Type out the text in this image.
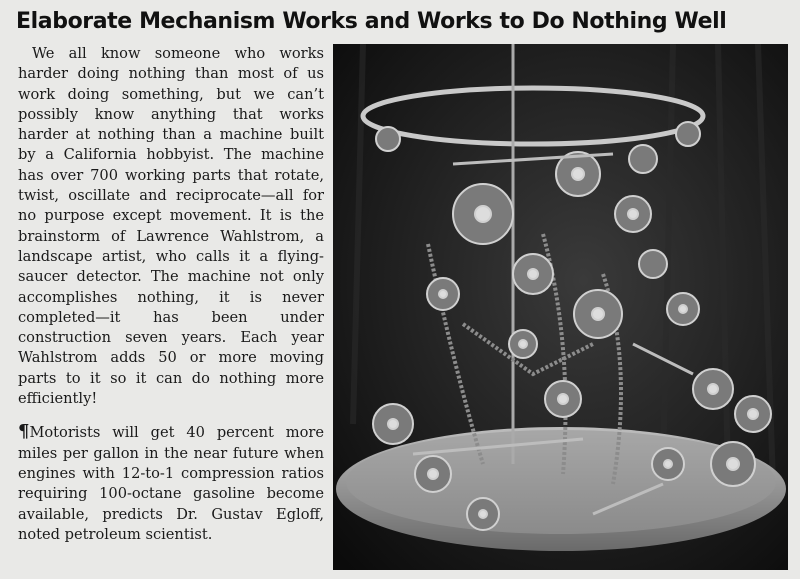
Elaborate Mechanism Works and Works to Do Nothing Well

We all know someone who works harder doing nothing than most of us work doing something, but we can’t possibly know anything that works harder at nothing than a machine built by a California hobbyist. The machine has over 700 working parts that rotate, twist, oscillate and reciprocate—all for no purpose except movement. It is the brainstorm of Lawrence Wahlstrom, a landscape artist, who calls it a flying-saucer detector. The machine not only accomplishes nothing, it is never completed—it has been under construction seven years. Each year Wahlstrom adds 50 or more moving parts to it so it can do nothing more efficiently!

¶Motorists will get 40 percent more miles per gallon in the near future when engines with 12-to-1 compression ratios requiring 100-octane gasoline become available, predicts Dr. Gustav Egloff, noted petroleum scientist.
